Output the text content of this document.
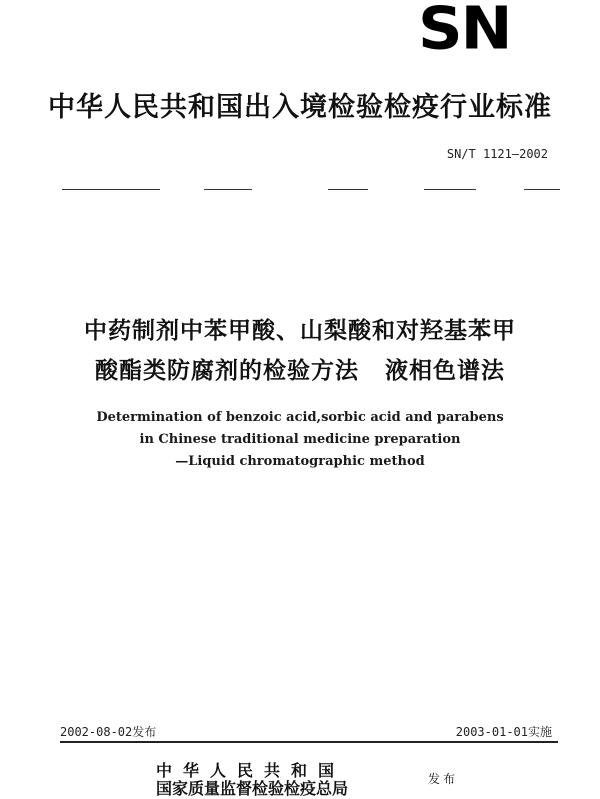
SN
中华人民共和国出入境检验检疫行业标准
SN/T 1121—2002
中药制剂中苯甲酸、山梨酸和对羟基苯甲
酸酯类防腐剂的检验方法 液相色谱法
Determination of benzoic acid,sorbic acid and parabens
in Chinese traditional medicine preparation
—Liquid chromatographic method
2002-08-02发布	2003-01-01实施
中华人民共和国
国家质量监督检验检疫总局	发布
